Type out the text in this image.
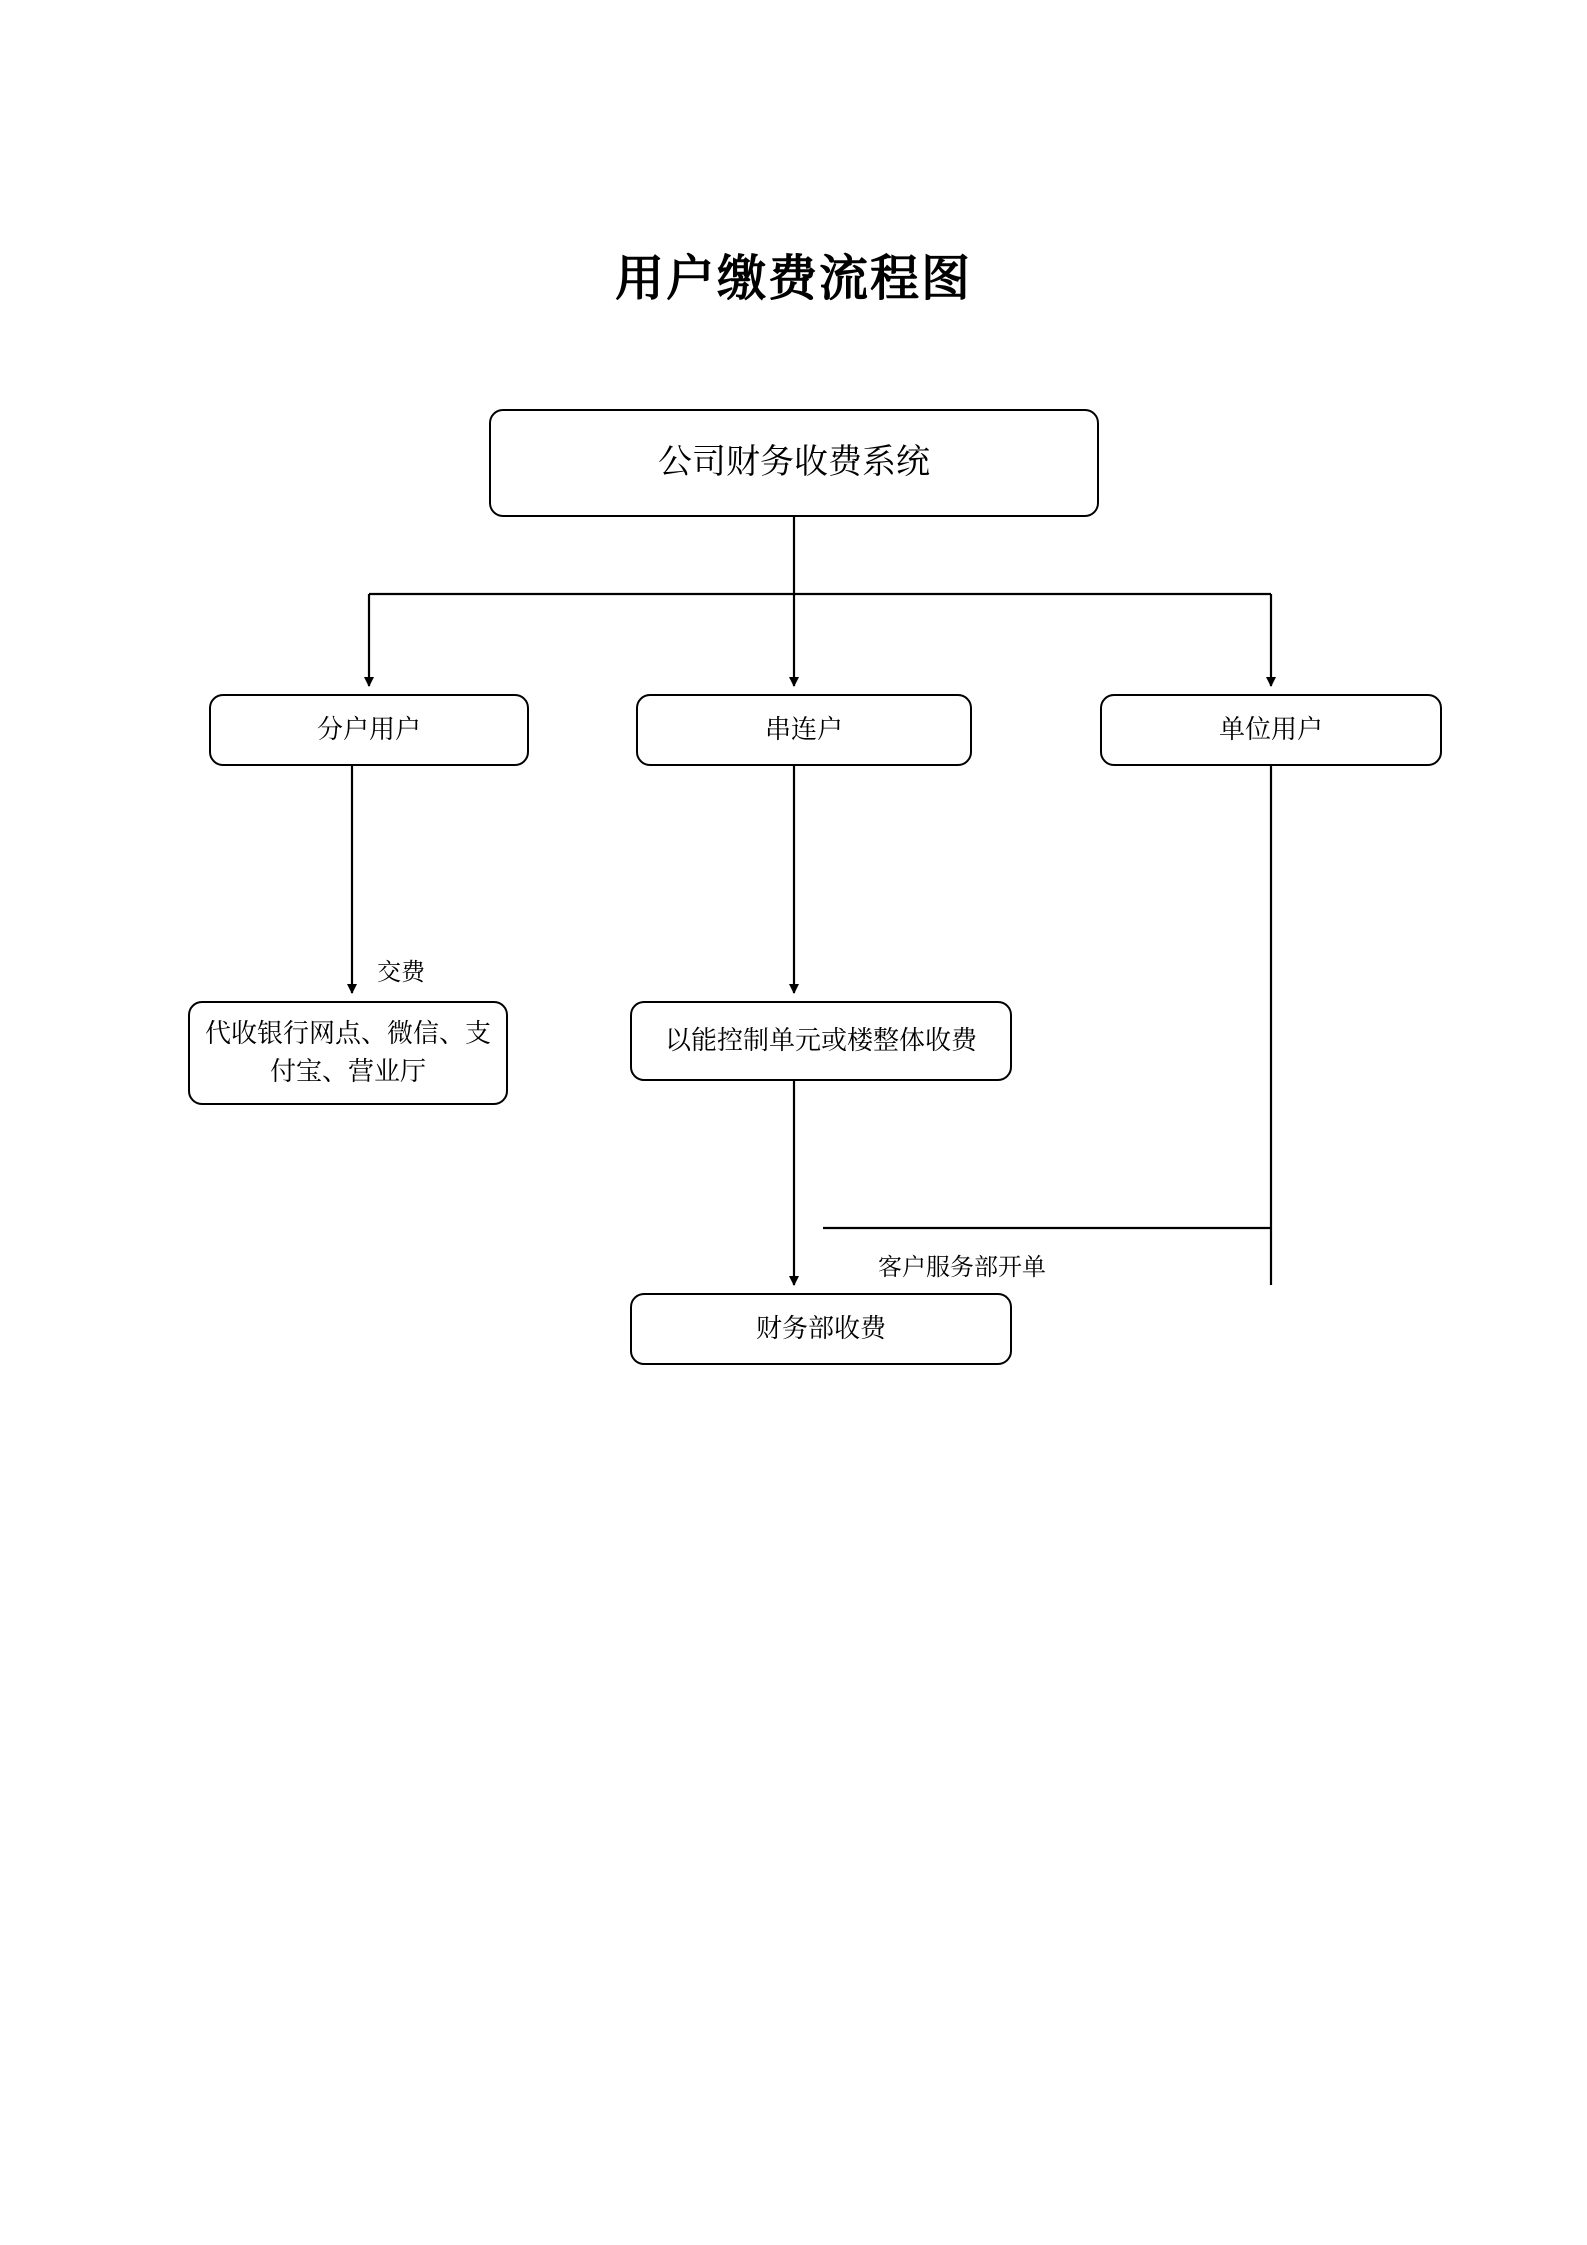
用户缴费流程图
公司财务收费系统
分户用户	串连户	单位用户
代收银行网点、微信、支付宝、营业厅
以能控制单元或楼整体收费
财务部收费
交费
客户服务部开单
